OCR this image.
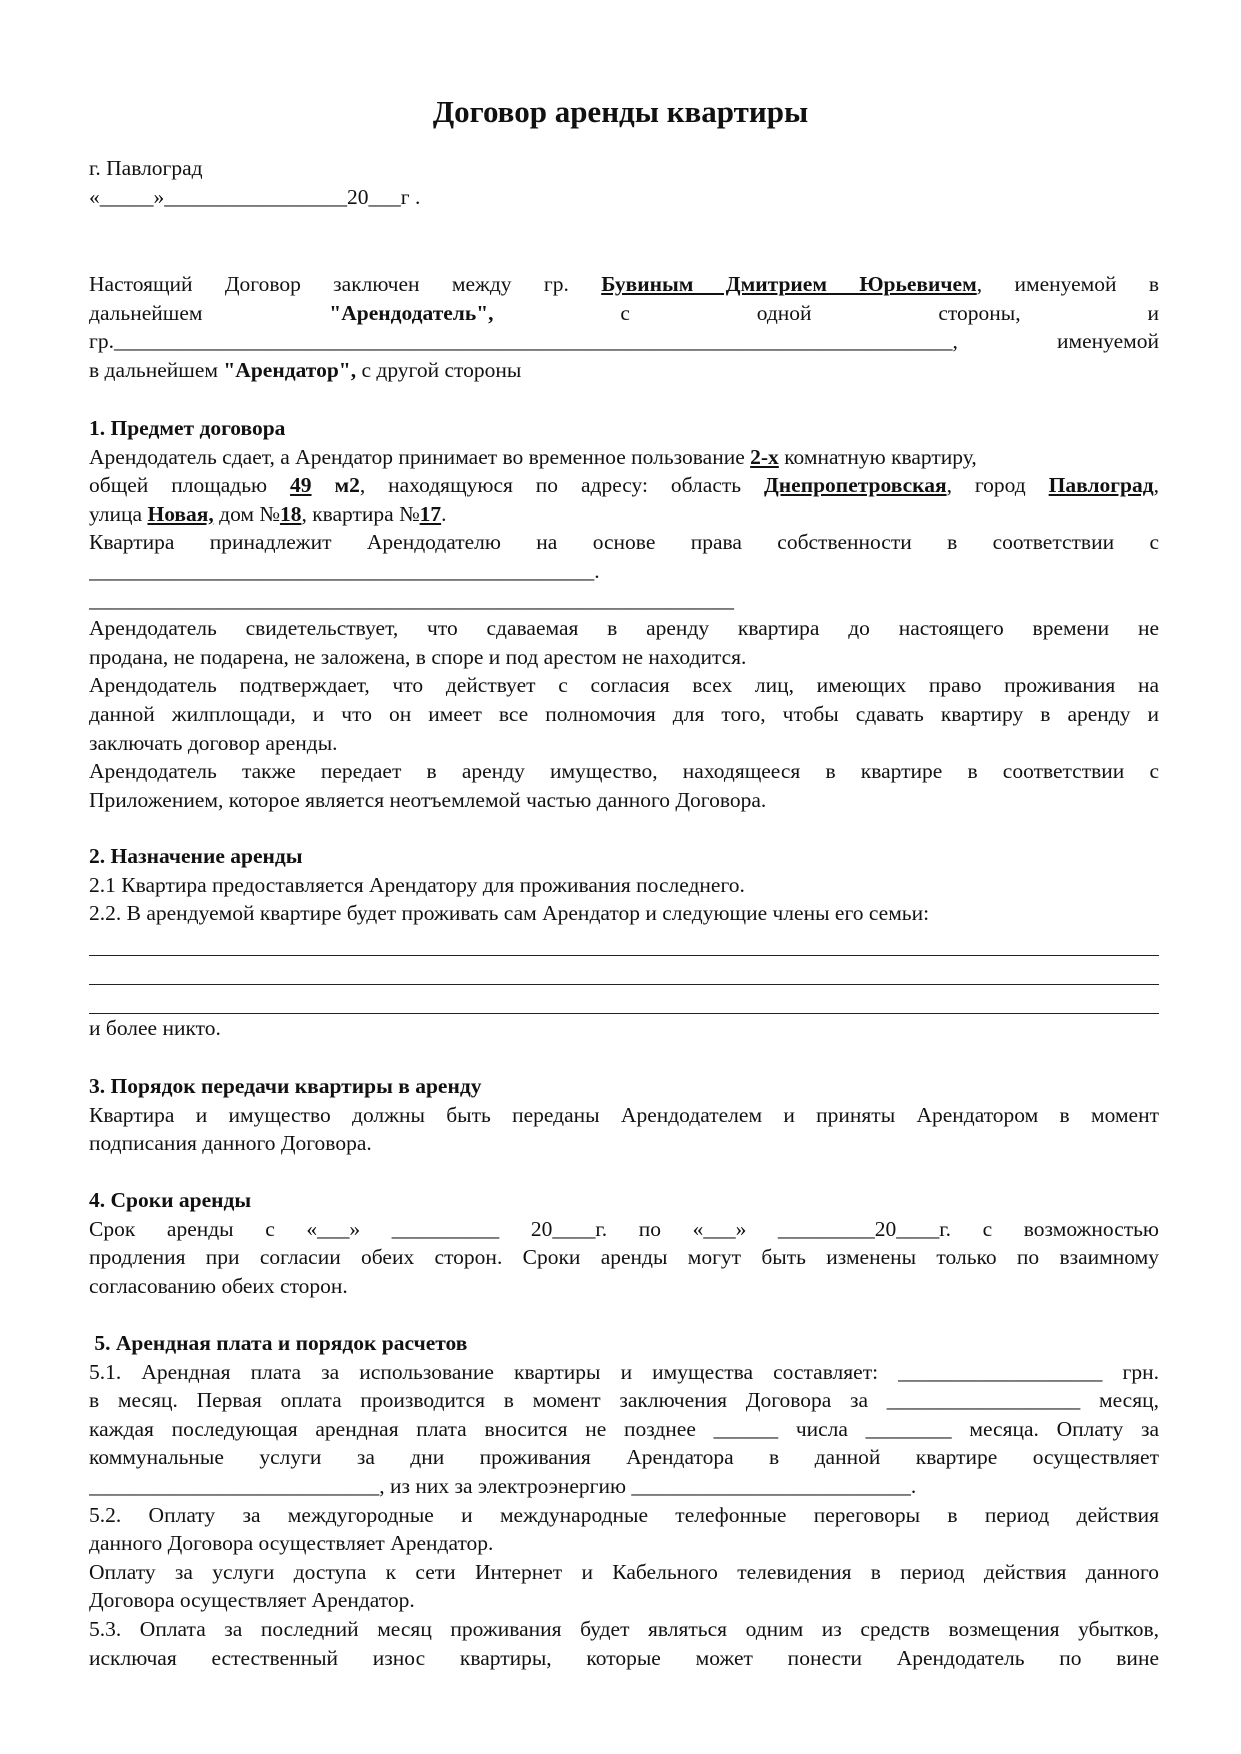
Договор аренды квартиры
г. Павлоград
«_____»_________________20___г .
Настоящий Договор заключен между гр. Бувиным Дмитрием Юрьевичем, именуемой в
дальнейшем	"Арендодатель",	с	одной	стороны,	и
гр.______________________________________________________________________________,	именуемой
в дальнейшем "Арендатор", с другой стороны
1. Предмет договора
Арендодатель сдает, а Арендатор принимает во временное пользование 2-х комнатную квартиру,
общей площадью 49 м2, находящуюся по адресу: область Днепропетровская, город Павлоград,
улица Новая, дом №18, квартира №17.
Квартира принадлежит Арендодателю на основе права собственности в соответствии с
_______________________________________________.
____________________________________________________________
Арендодатель свидетельствует, что сдаваемая в аренду квартира до настоящего времени не
продана, не подарена, не заложена, в споре и под арестом не находится.
Арендодатель подтверждает, что действует с согласия всех лиц, имеющих право проживания на
данной жилплощади, и что он имеет все полномочия для того, чтобы сдавать квартиру в аренду и
заключать договор аренды.
Арендодатель также передает в аренду имущество, находящееся в квартире в соответствии с
Приложением, которое является неотъемлемой частью данного Договора.
2. Назначение аренды
2.1 Квартира предоставляется Арендатору для проживания последнего.
2.2. В арендуемой квартире будет проживать сам Арендатор и следующие члены его семьи:
и более никто.
3. Порядок передачи квартиры в аренду
Квартира и имущество должны быть переданы Арендодателем и приняты Арендатором в момент
подписания данного Договора.
4. Сроки аренды
Срок аренды с «___» __________ 20____г. по «___» _________20____г. с возможностью
продления при согласии обеих сторон. Сроки аренды могут быть изменены только по взаимному
согласованию обеих сторон.
5. Арендная плата и порядок расчетов
5.1. Арендная плата за использование квартиры и имущества составляет: ___________________ грн.
в месяц. Первая оплата производится в момент заключения Договора за __________________ месяц,
каждая последующая арендная плата вносится не позднее ______ числа ________ месяца. Оплату за
коммунальные услуги за дни проживания Арендатора в данной квартире осуществляет
___________________________, из них за электроэнергию __________________________.
5.2. Оплату за междугородные и международные телефонные переговоры в период действия
данного Договора осуществляет Арендатор.
Оплату за услуги доступа к сети Интернет и Кабельного телевидения в период действия данного
Договора осуществляет Арендатор.
5.3. Оплата за последний месяц проживания будет являться одним из средств возмещения убытков,
исключая естественный износ квартиры, которые может понести Арендодатель по вине
